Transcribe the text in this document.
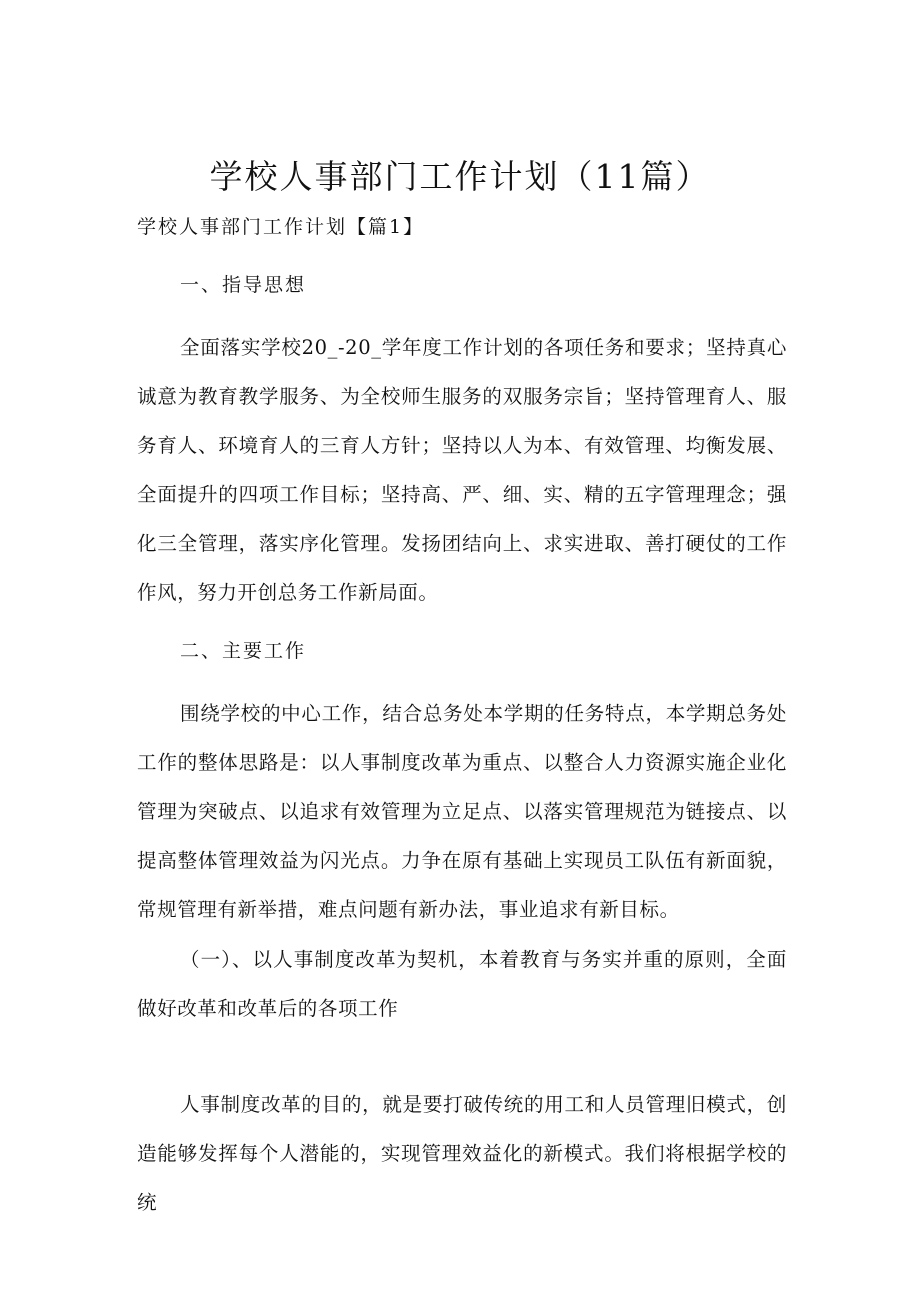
学校人事部门工作计划（11篇）
学校人事部门工作计划【篇1】
一、指导思想

全面落实学校20_-20_学年度工作计划的各项任务和要求；坚持真心诚意为教育教学服务、为全校师生服务的双服务宗旨；坚持管理育人、服务育人、环境育人的三育人方针；坚持以人为本、有效管理、均衡发展、全面提升的四项工作目标；坚持高、严、细、实、精的五字管理理念；强化三全管理，落实序化管理。发扬团结向上、求实进取、善打硬仗的工作作风，努力开创总务工作新局面。

二、主要工作

围绕学校的中心工作，结合总务处本学期的任务特点，本学期总务处工作的整体思路是：以人事制度改革为重点、以整合人力资源实施企业化管理为突破点、以追求有效管理为立足点、以落实管理规范为链接点、以提高整体管理效益为闪光点。力争在原有基础上实现员工队伍有新面貌，常规管理有新举措，难点问题有新办法，事业追求有新目标。

（一）、以人事制度改革为契机，本着教育与务实并重的原则，全面做好改革和改革后的各项工作

人事制度改革的目的，就是要打破传统的用工和人员管理旧模式，创造能够发挥每个人潜能的，实现管理效益化的新模式。我们将根据学校的统
